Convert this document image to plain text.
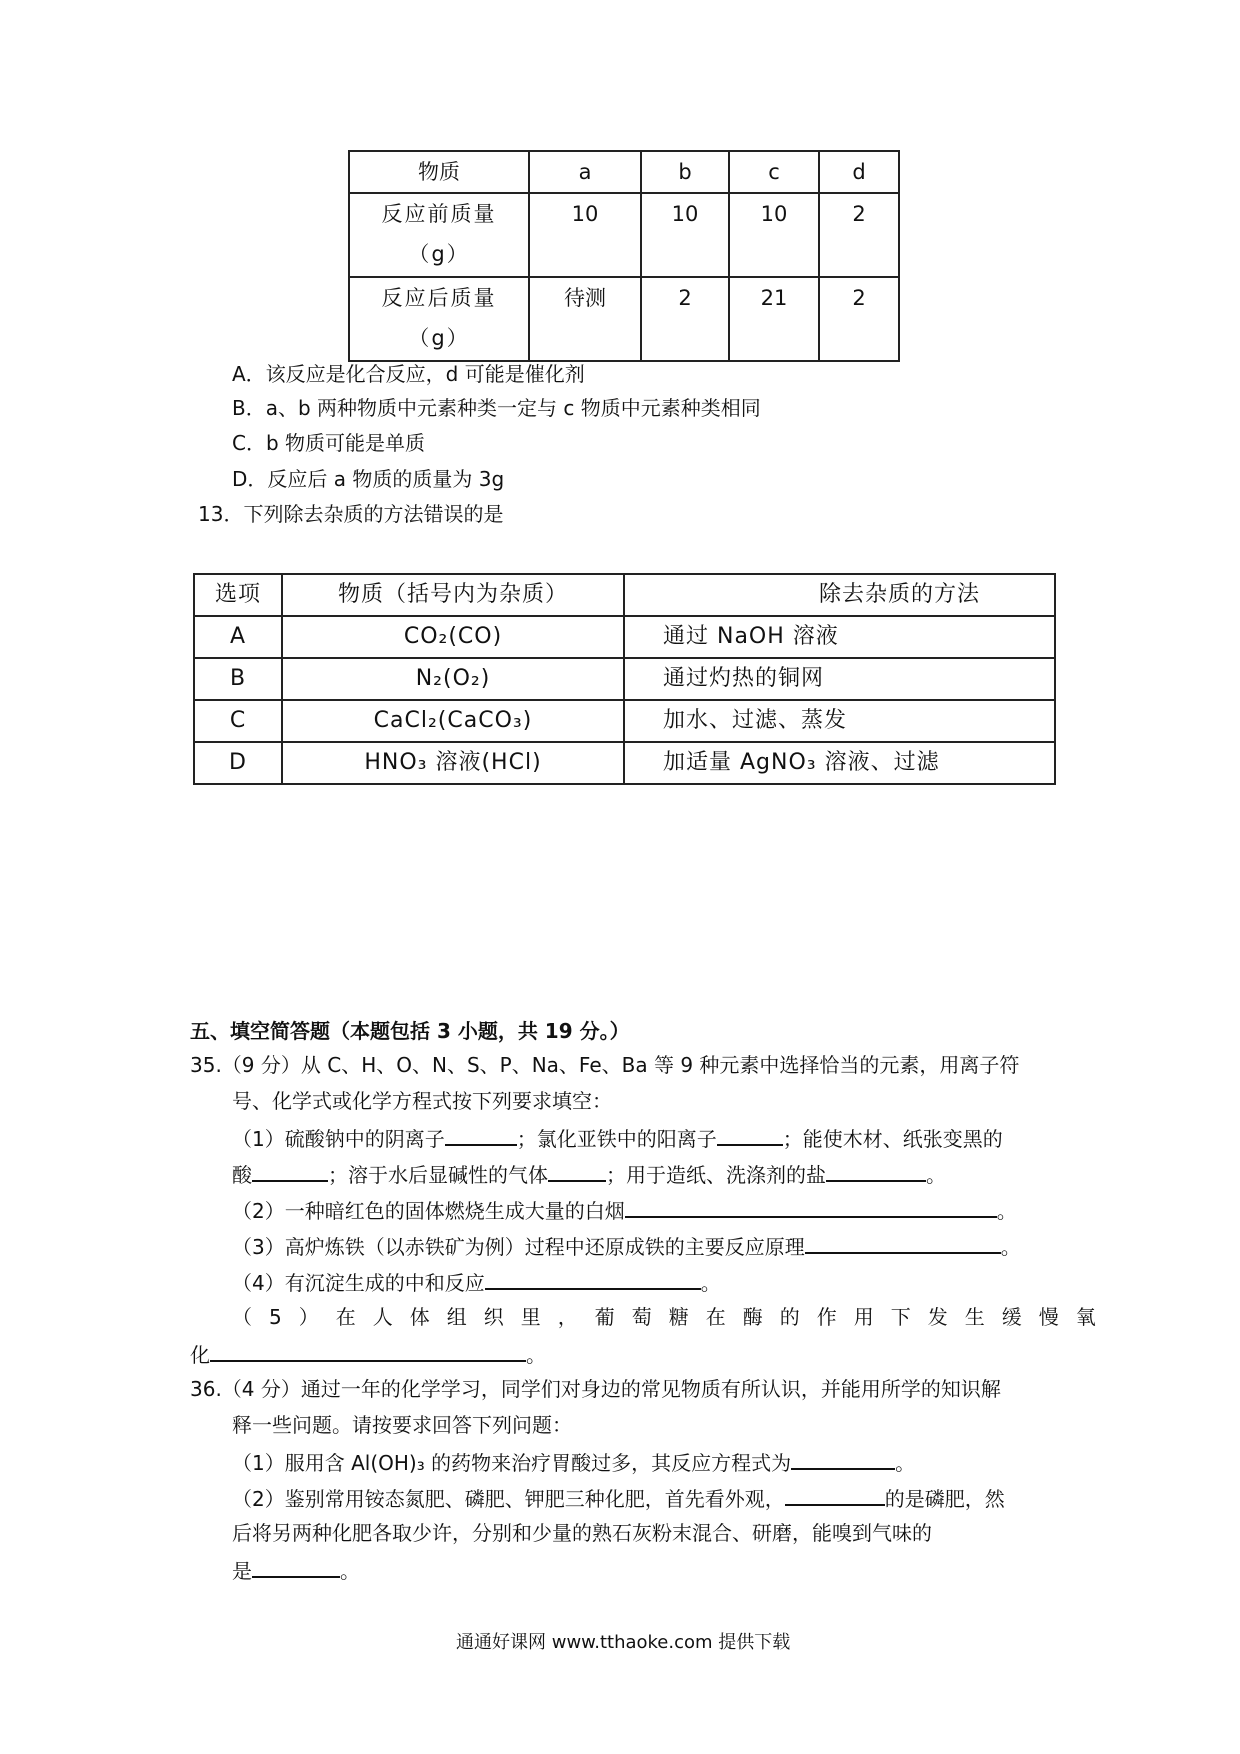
物质	a	b	c	d
反应前质量（g）	10	10	10	2
反应后质量（g）	待测	2	21	2
A．该反应是化合反应，d 可能是催化剂
B．a、b 两种物质中元素种类一定与 c 物质中元素种类相同
C．b 物质可能是单质
D．反应后 a 物质的质量为 3g
13．下列除去杂质的方法错误的是
选项	物质（括号内为杂质）	除去杂质的方法
A	CO₂(CO)	通过 NaOH 溶液
B	N₂(O₂)	通过灼热的铜网
C	CaCl₂(CaCO₃)	加水、过滤、蒸发
D	HNO₃ 溶液(HCl)	加适量 AgNO₃ 溶液、过滤
五、填空简答题（本题包括 3 小题，共 19 分。）
35.（9 分）从 C、H、O、N、S、P、Na、Fe、Ba 等 9 种元素中选择恰当的元素，用离子符
号、化学式或化学方程式按下列要求填空：
（1）硫酸钠中的阴离子	；氯化亚铁中的阳离子	；能使木材、纸张变黑的
酸	；溶于水后显碱性的气体	；用于造纸、洗涤剂的盐	。
（2）一种暗红色的固体燃烧生成大量的白烟	。
（3）高炉炼铁（以赤铁矿为例）过程中还原成铁的主要反应原理	。
（4）有沉淀生成的中和反应	。
（5）在人体组织里，葡萄糖在酶的作用下发生缓慢氧
化	。
36.（4 分）通过一年的化学学习，同学们对身边的常见物质有所认识，并能用所学的知识解
释一些问题。请按要求回答下列问题：
（1）服用含 Al(OH)₃ 的药物来治疗胃酸过多，其反应方程式为	。
（2）鉴别常用铵态氮肥、磷肥、钾肥三种化肥，首先看外观，	的是磷肥，然
后将另两种化肥各取少许，分别和少量的熟石灰粉末混合、研磨，能嗅到气味的
是	。
通通好课网 www.tthaoke.com 提供下载
